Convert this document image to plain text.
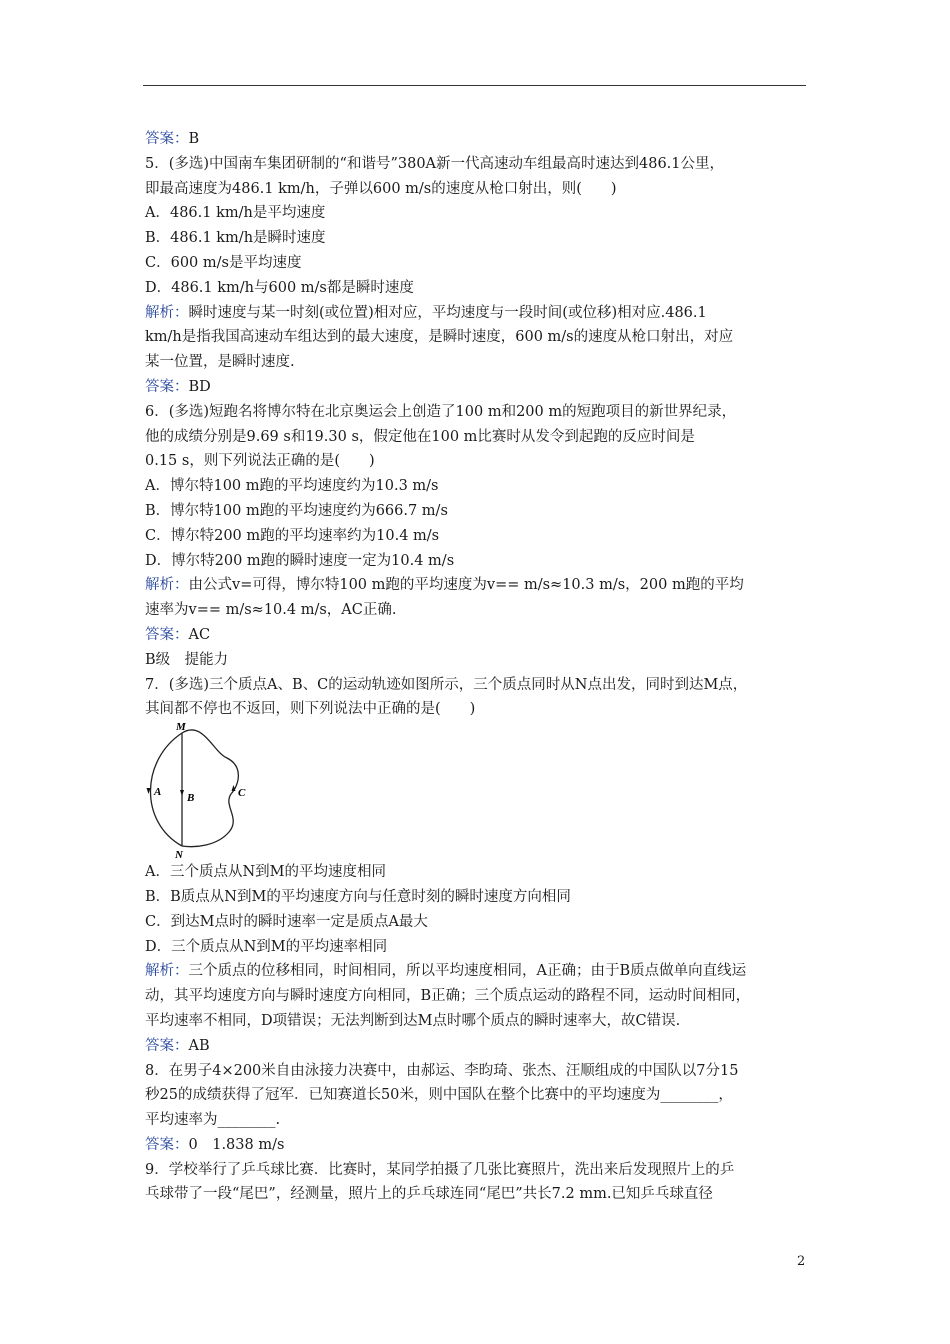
答案：B
5．(多选)中国南车集团研制的“和谐号”380A新一代高速动车组最高时速达到486.1公里，
即最高速度为486.1 km/h，子弹以600 m/s的速度从枪口射出，则(　　)
A．486.1 km/h是平均速度
B．486.1 km/h是瞬时速度
C．600 m/s是平均速度
D．486.1 km/h与600 m/s都是瞬时速度
解析：瞬时速度与某一时刻(或位置)相对应，平均速度与一段时间(或位移)相对应.486.1
km/h是指我国高速动车组达到的最大速度，是瞬时速度，600 m/s的速度从枪口射出，对应
某一位置，是瞬时速度.
答案：BD
6．(多选)短跑名将博尔特在北京奥运会上创造了100 m和200 m的短跑项目的新世界纪录，
他的成绩分别是9.69 s和19.30 s，假定他在100 m比赛时从发令到起跑的反应时间是
0.15 s，则下列说法正确的是(　　)
A．博尔特100 m跑的平均速度约为10.3 m/s
B．博尔特100 m跑的平均速度约为666.7 m/s
C．博尔特200 m跑的平均速率约为10.4 m/s
D．博尔特200 m跑的瞬时速度一定为10.4 m/s
解析：由公式v=可得，博尔特100 m跑的平均速度为v== m/s≈10.3 m/s，200 m跑的平均
速率为v== m/s≈10.4 m/s，AC正确.
答案：AC
B级　提能力
7．(多选)三个质点A、B、C的运动轨迹如图所示，三个质点同时从N点出发，同时到达M点，
其间都不停也不返回，则下列说法中正确的是(　　)
M
N
A B	C
A．三个质点从N到M的平均速度相同
B．B质点从N到M的平均速度方向与任意时刻的瞬时速度方向相同
C．到达M点时的瞬时速率一定是质点A最大
D．三个质点从N到M的平均速率相同
解析：三个质点的位移相同，时间相同，所以平均速度相同，A正确；由于B质点做单向直线运
动，其平均速度方向与瞬时速度方向相同，B正确；三个质点运动的路程不同，运动时间相同，
平均速率不相同，D项错误；无法判断到达M点时哪个质点的瞬时速率大，故C错误.
答案：AB
8．在男子4×200米自由泳接力决赛中，由郝运、李昀琦、张杰、汪顺组成的中国队以7分15
秒25的成绩获得了冠军．已知赛道长50米，则中国队在整个比赛中的平均速度为________，
平均速率为________.
答案：0　1.838 m/s
9．学校举行了乒乓球比赛．比赛时，某同学拍摄了几张比赛照片，洗出来后发现照片上的乒
乓球带了一段“尾巴”，经测量，照片上的乒乓球连同“尾巴”共长7.2 mm.已知乒乓球直径
2
